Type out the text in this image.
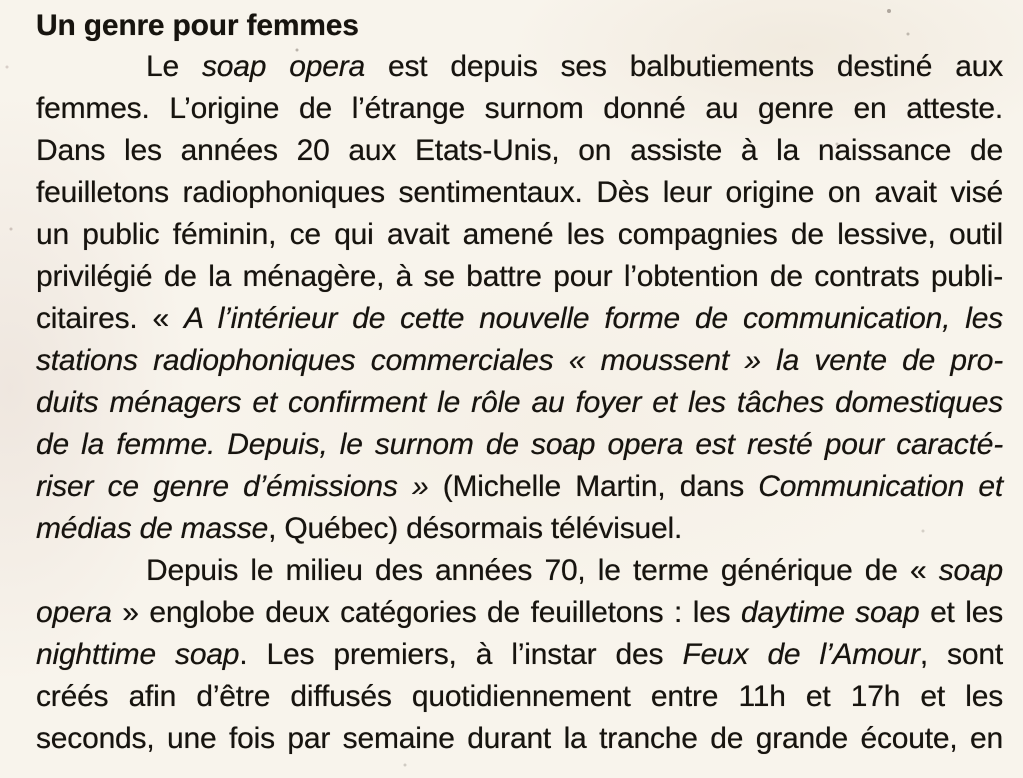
Un genre pour femmes
Le soap opera est depuis ses balbutiements destiné aux
femmes. L’origine de l’étrange surnom donné au genre en atteste.
Dans les années 20 aux Etats-Unis, on assiste à la naissance de
feuilletons radiophoniques sentimentaux. Dès leur origine on avait visé
un public féminin, ce qui avait amené les compagnies de lessive, outil
privilégié de la ménagère, à se battre pour l’obtention de contrats publi-
citaires. « A l’intérieur de cette nouvelle forme de communication, les
stations radiophoniques commerciales « moussent » la vente de pro-
duits ménagers et confirment le rôle au foyer et les tâches domestiques
de la femme. Depuis, le surnom de soap opera est resté pour caracté-
riser ce genre d’émissions » (Michelle Martin, dans Communication et
médias de masse, Québec) désormais télévisuel.
Depuis le milieu des années 70, le terme générique de « soap
opera » englobe deux catégories de feuilletons : les daytime soap et les
nighttime soap. Les premiers, à l’instar des Feux de l’Amour, sont
créés afin d’être diffusés quotidiennement entre 11h et 17h et les
seconds, une fois par semaine durant la tranche de grande écoute, en
